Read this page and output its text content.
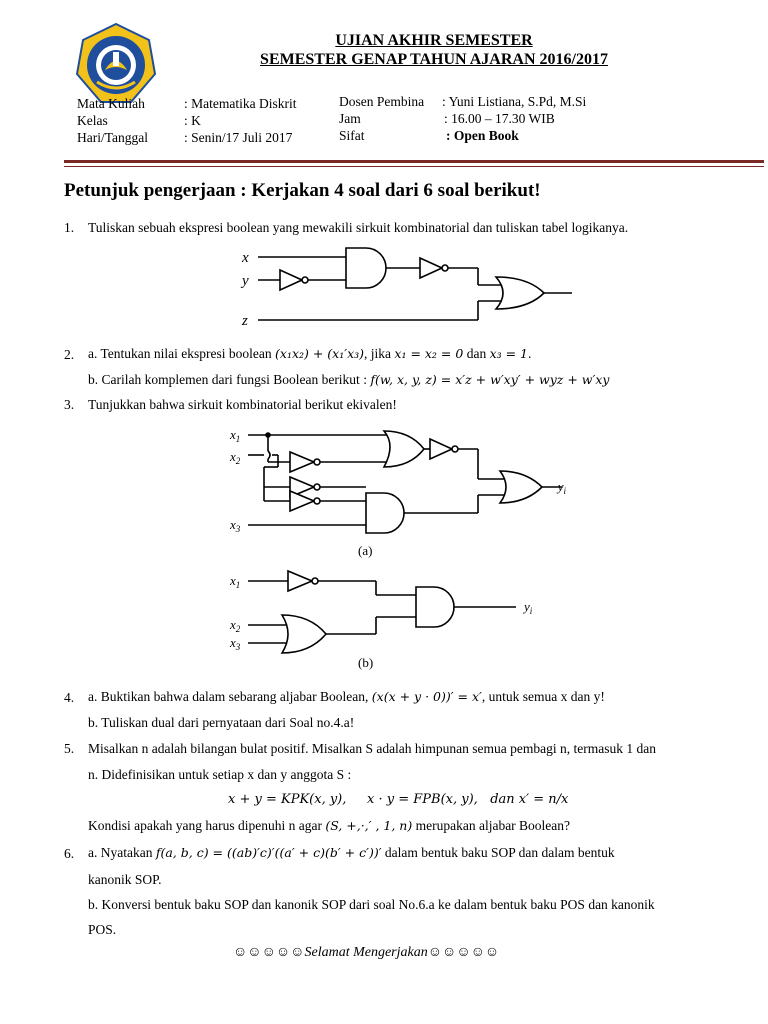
UJIAN AKHIR SEMESTER
SEMESTER GENAP TAHUN AJARAN 2016/2017
Mata Kuliah	: Matematika Diskrit
Kelas	: K
Hari/Tanggal	: Senin/17 Juli 2017
Dosen Pembina : Yuni Listiana, S.Pd, M.Si
Jam	: 16.00 – 17.30 WIB
Sifat	: Open Book
Petunjuk pengerjaan : Kerjakan 4 soal dari 6 soal berikut!
1. Tuliskan sebuah ekspresi boolean yang mewakili sirkuit kombinatorial dan tuliskan tabel logikanya.
x
y
z
2. a. Tentukan nilai ekspresi boolean (x₁x₂) + (x₁′x₃), jika x₁ = x₂ = 0 dan x₃ = 1.
b. Carilah komplemen dari fungsi Boolean berikut : f(w, x, y, z) = x′z + w′xy′ + wyz + w′xy
3. Tunjukkan bahwa sirkuit kombinatorial berikut ekivalen!
$x_1$
$x_2$
$x_3$
$y_i$
$x_1$
$x_2$
$x_3$
$y_i$
(a)
(b)
4. a. Buktikan bahwa dalam sebarang aljabar Boolean, (x(x + y · 0))′ = x′, untuk semua x dan y!
b. Tuliskan dual dari pernyataan dari Soal no.4.a!
5. Misalkan n adalah bilangan bulat positif. Misalkan S adalah himpunan semua pembagi n, termasuk 1 dan
n. Didefinisikan untuk setiap x dan y anggota S :
x + y = KPK(x, y),     x · y = FPB(x, y),   dan x′ = n/x
Kondisi apakah yang harus dipenuhi n agar (S, +,·,′ , 1, n) merupakan aljabar Boolean?
6. a. Nyatakan f(a, b, c) = ((ab)′c)′((a′ + c)(b′ + c′))′ dalam bentuk baku SOP dan dalam bentuk
kanonik SOP.
b. Konversi bentuk baku SOP dan kanonik SOP dari soal No.6.a ke dalam bentuk baku POS dan kanonik
POS.
☺☺☺☺☺Selamat Mengerjakan☺☺☺☺☺
